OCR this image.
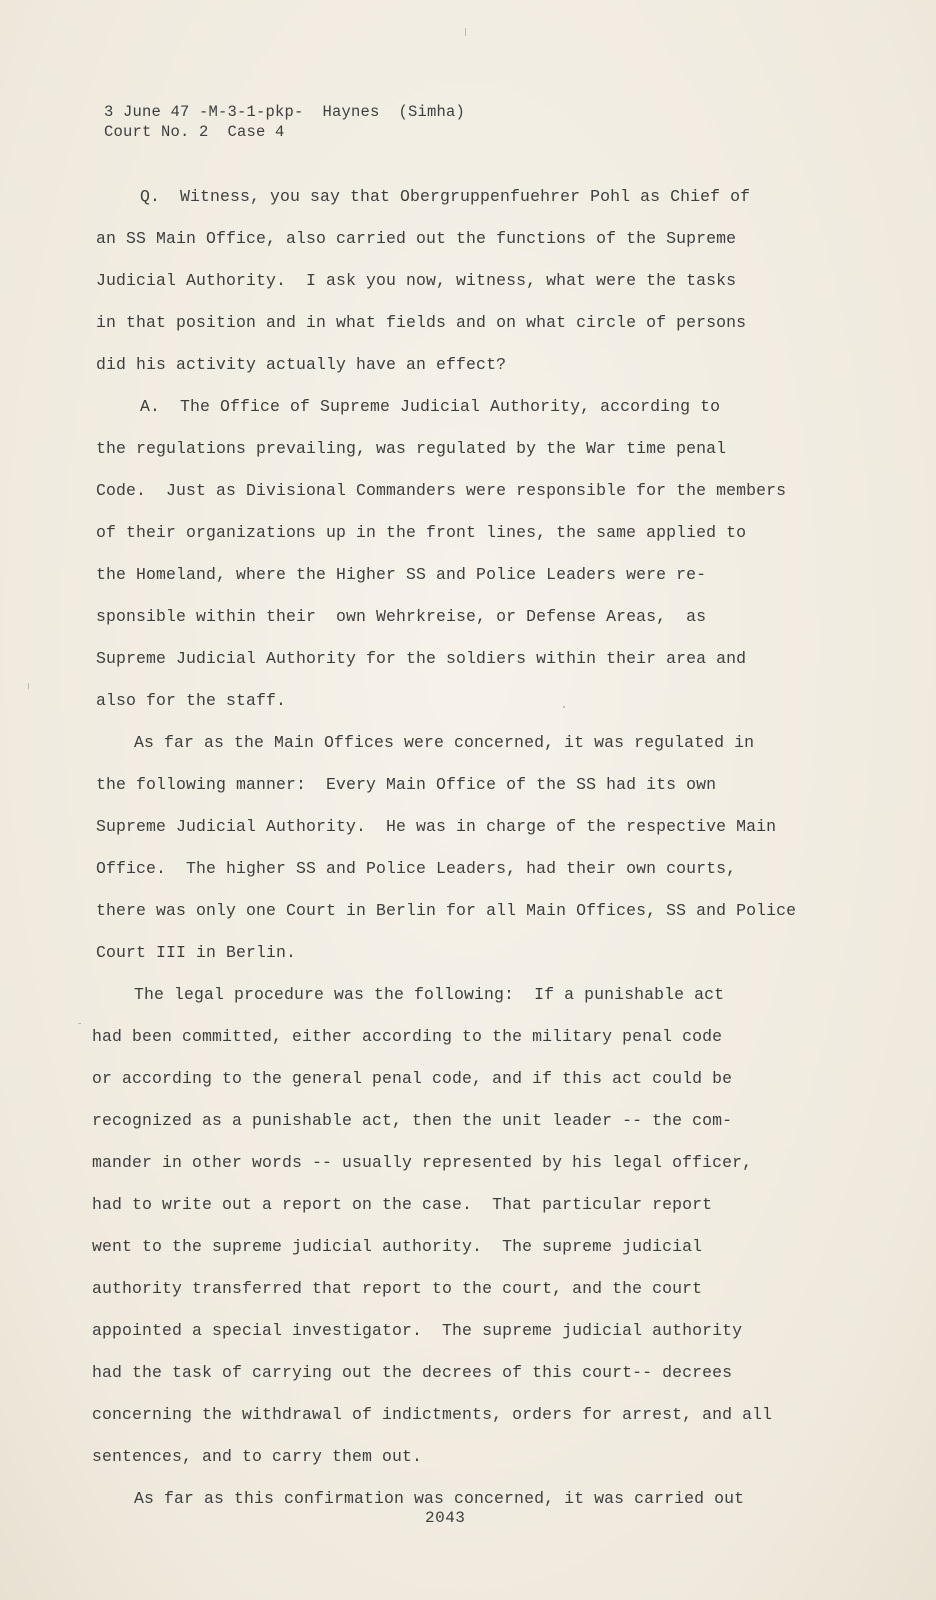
3 June 47 -M-3-1-pkp-  Haynes  (Simha)
Court No. 2  Case 4
Q.  Witness, you say that Obergruppenfuehrer Pohl as Chief of
an SS Main Office, also carried out the functions of the Supreme
Judicial Authority.  I ask you now, witness, what were the tasks
in that position and in what fields and on what circle of persons
did his activity actually have an effect?
A.  The Office of Supreme Judicial Authority, according to
the regulations prevailing, was regulated by the War time penal
Code.  Just as Divisional Commanders were responsible for the members
of their organizations up in the front lines, the same applied to
the Homeland, where the Higher SS and Police Leaders were re-
sponsible within their  own Wehrkreise, or Defense Areas,  as
Supreme Judicial Authority for the soldiers within their area and
also for the staff.
As far as the Main Offices were concerned, it was regulated in
the following manner:  Every Main Office of the SS had its own
Supreme Judicial Authority.  He was in charge of the respective Main
Office.  The higher SS and Police Leaders, had their own courts,
there was only one Court in Berlin for all Main Offices, SS and Police
Court III in Berlin.
The legal procedure was the following:  If a punishable act
had been committed, either according to the military penal code
or according to the general penal code, and if this act could be
recognized as a punishable act, then the unit leader -- the com-
mander in other words -- usually represented by his legal officer,
had to write out a report on the case.  That particular report
went to the supreme judicial authority.  The supreme judicial
authority transferred that report to the court, and the court
appointed a special investigator.  The supreme judicial authority
had the task of carrying out the decrees of this court-- decrees
concerning the withdrawal of indictments, orders for arrest, and all
sentences, and to carry them out.
As far as this confirmation was concerned, it was carried out
2043
